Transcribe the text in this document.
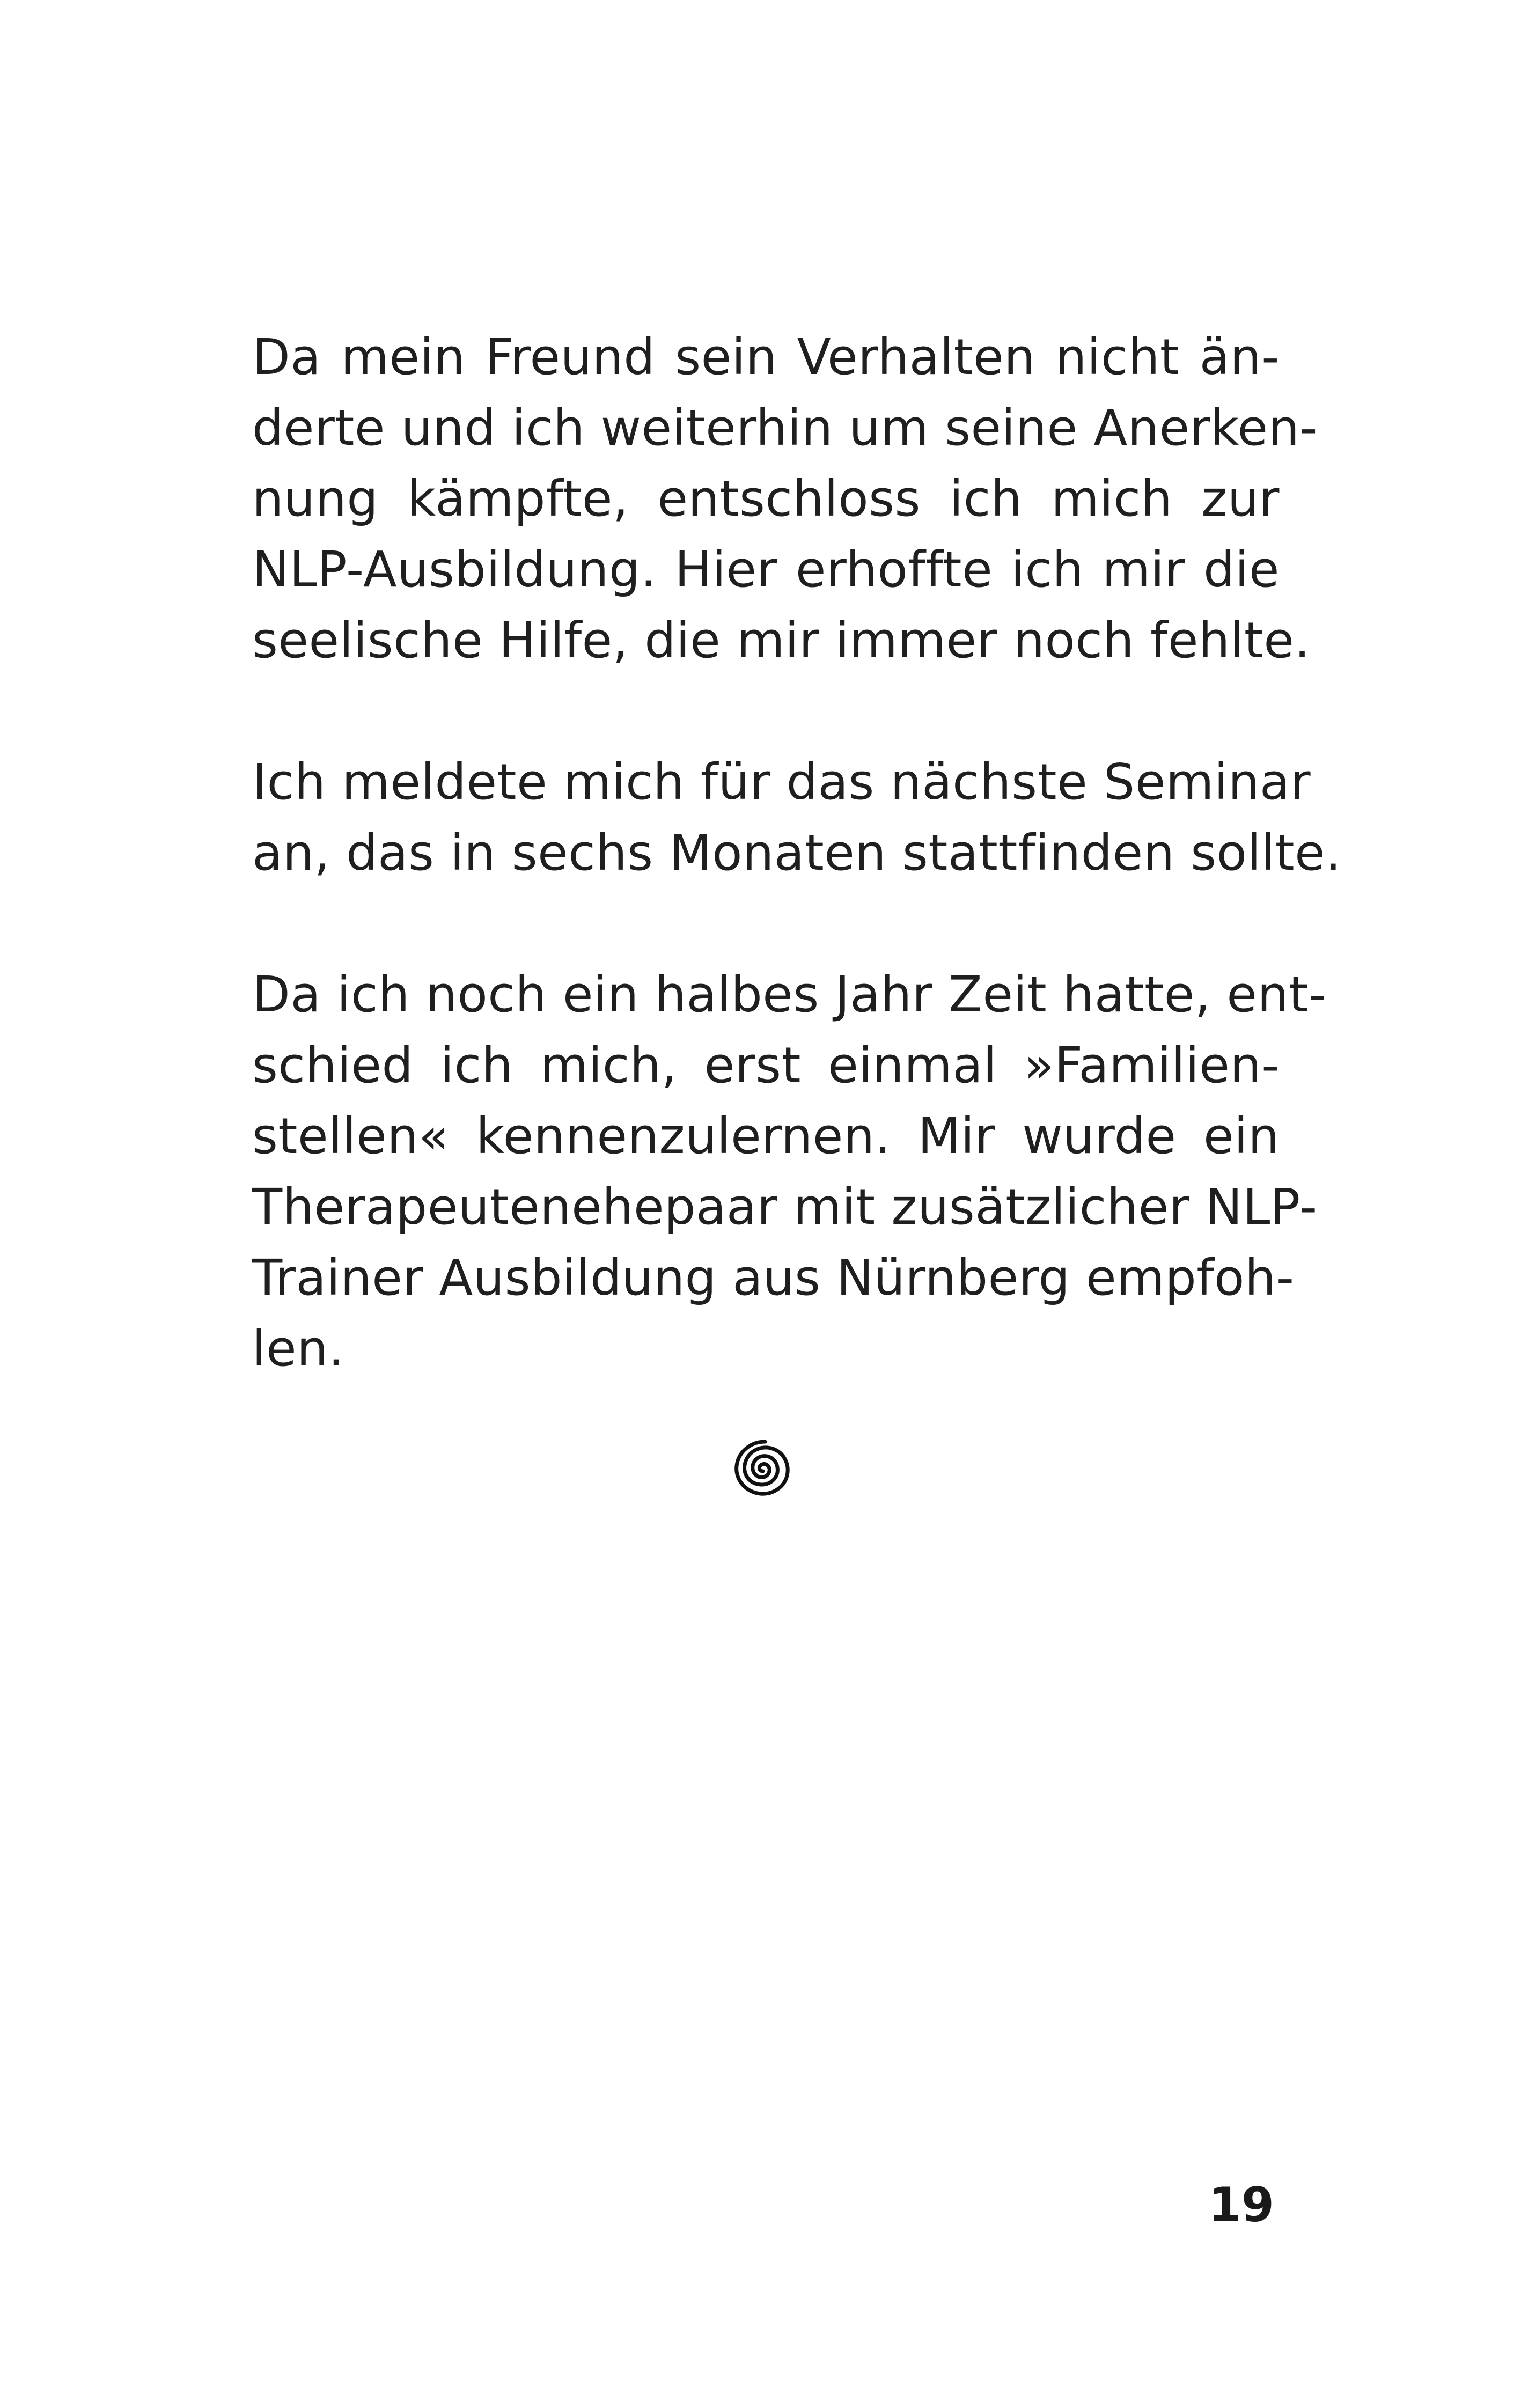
Da mein Freund sein Verhalten nicht än-
derte und ich weiterhin um seine Anerken-
nung kämpfte, entschloss ich mich zur
NLP-Ausbildung. Hier erhoffte ich mir die
seelische Hilfe, die mir immer noch fehlte.
Ich meldete mich für das nächste Seminar
an, das in sechs Monaten stattfinden sollte.
Da ich noch ein halbes Jahr Zeit hatte, ent-
schied ich mich, erst einmal »Familien-
stellen« kennenzulernen. Mir wurde ein
Therapeutenehepaar mit zusätzlicher NLP-
Trainer Ausbildung aus Nürnberg empfoh-
len.
19
